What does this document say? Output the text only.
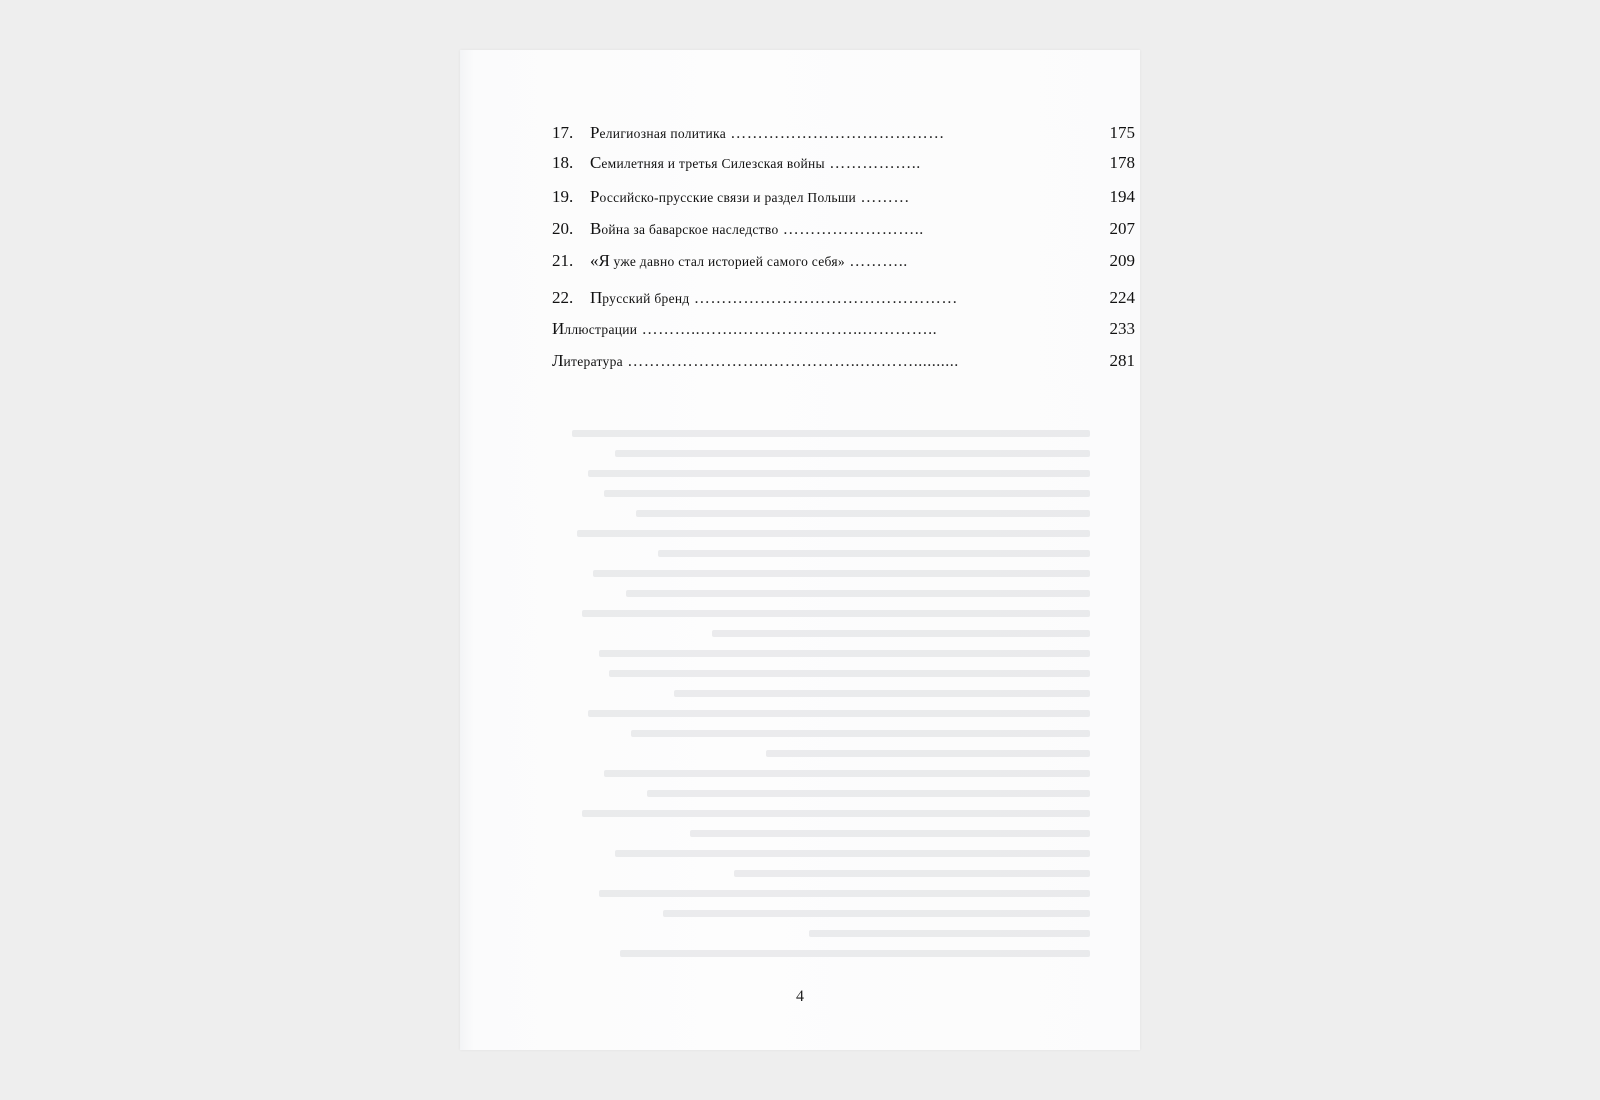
17. Религиозная политика …………………………………	175
18. Семилетняя и третья Силезская войны ……………..	178
19. Российско-прусские связи и раздел Польши ………	194
20. Война за баварское наследство ……………………..	207
21. «Я уже давно стал историей самого себя» ………..	209
22. Прусский бренд …………………………………………	224
Иллюстрации ………..…….…………………..…………..	233
Литература ……………………..……………..….……..........	281
4
